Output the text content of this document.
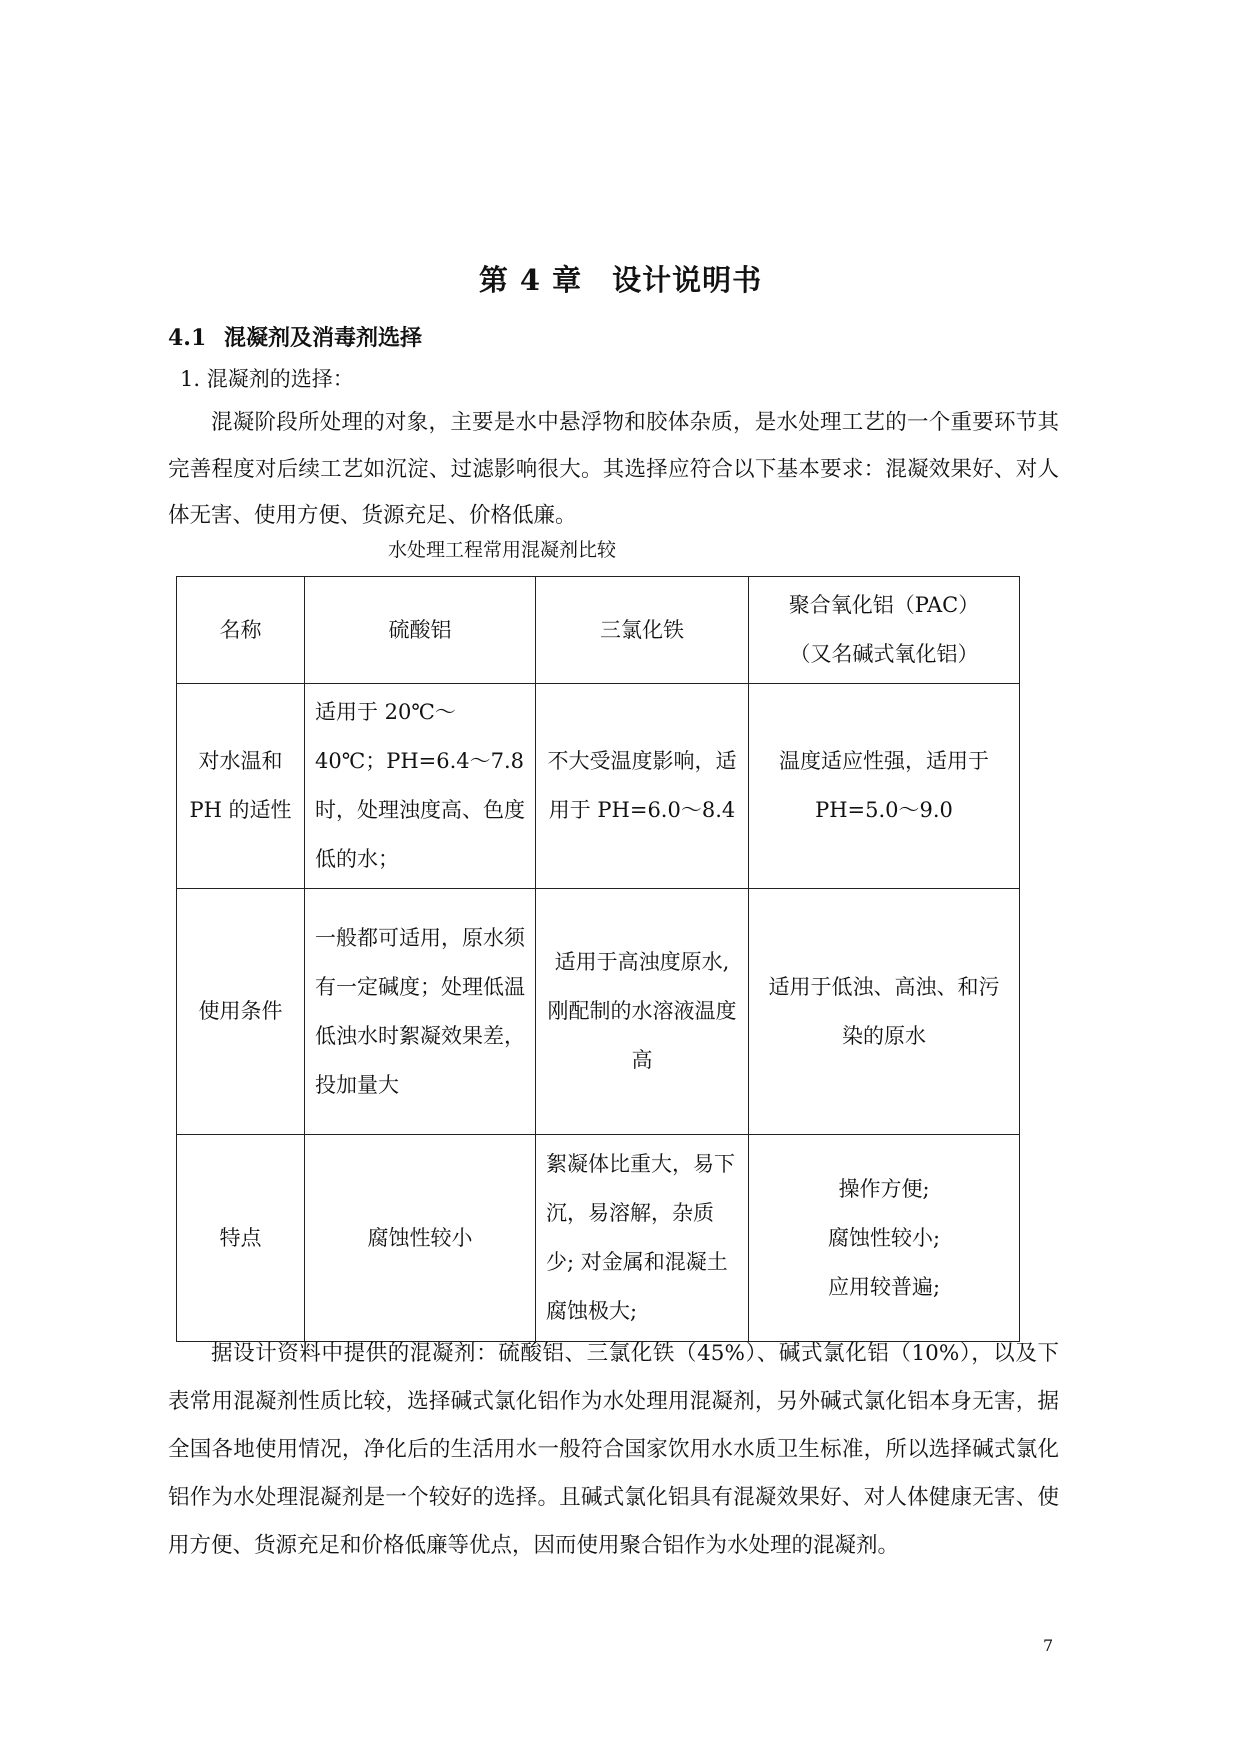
第 4 章　设计说明书
4.1 混凝剂及消毒剂选择
1. 混凝剂的选择：

混凝阶段所处理的对象，主要是水中悬浮物和胶体杂质，是水处理工艺的一个重要环节其完善程度对后续工艺如沉淀、过滤影响很大。其选择应符合以下基本要求：混凝效果好、对人体无害、使用方便、货源充足、价格低廉。

水处理工程常用混凝剂比较
名称	硫酸铝	三氯化铁	聚合氧化铝（PAC）
（又名碱式氧化铝）

对水温和 PH 的适性	适用于 20℃～40℃；PH=6.4～7.8 时，处理浊度高、色度低的水；	不大受温度影响，适用于 PH=6.0～8.4	温度适应性强，适用于 PH=5.0～9.0
使用条件	一般都可适用，原水须有一定碱度；处理低温低浊水时絮凝效果差，投加量大	适用于高浊度原水,刚配制的水溶液温度高	适用于低浊、高浊、和污染的原水
特点	腐蚀性较小	絮凝体比重大，易下沉，易溶解，杂质少; 对金属和混凝土腐蚀极大;	操作方便;
腐蚀性较小;
应用较普遍;

据设计资料中提供的混凝剂：硫酸铝、三氯化铁（45%）、碱式氯化铝（10%），以及下表常用混凝剂性质比较，选择碱式氯化铝作为水处理用混凝剂，另外碱式氯化铝本身无害，据全国各地使用情况，净化后的生活用水一般符合国家饮用水水质卫生标准，所以选择碱式氯化铝作为水处理混凝剂是一个较好的选择。且碱式氯化铝具有混凝效果好、对人体健康无害、使用方便、货源充足和价格低廉等优点，因而使用聚合铝作为水处理的混凝剂。

7
